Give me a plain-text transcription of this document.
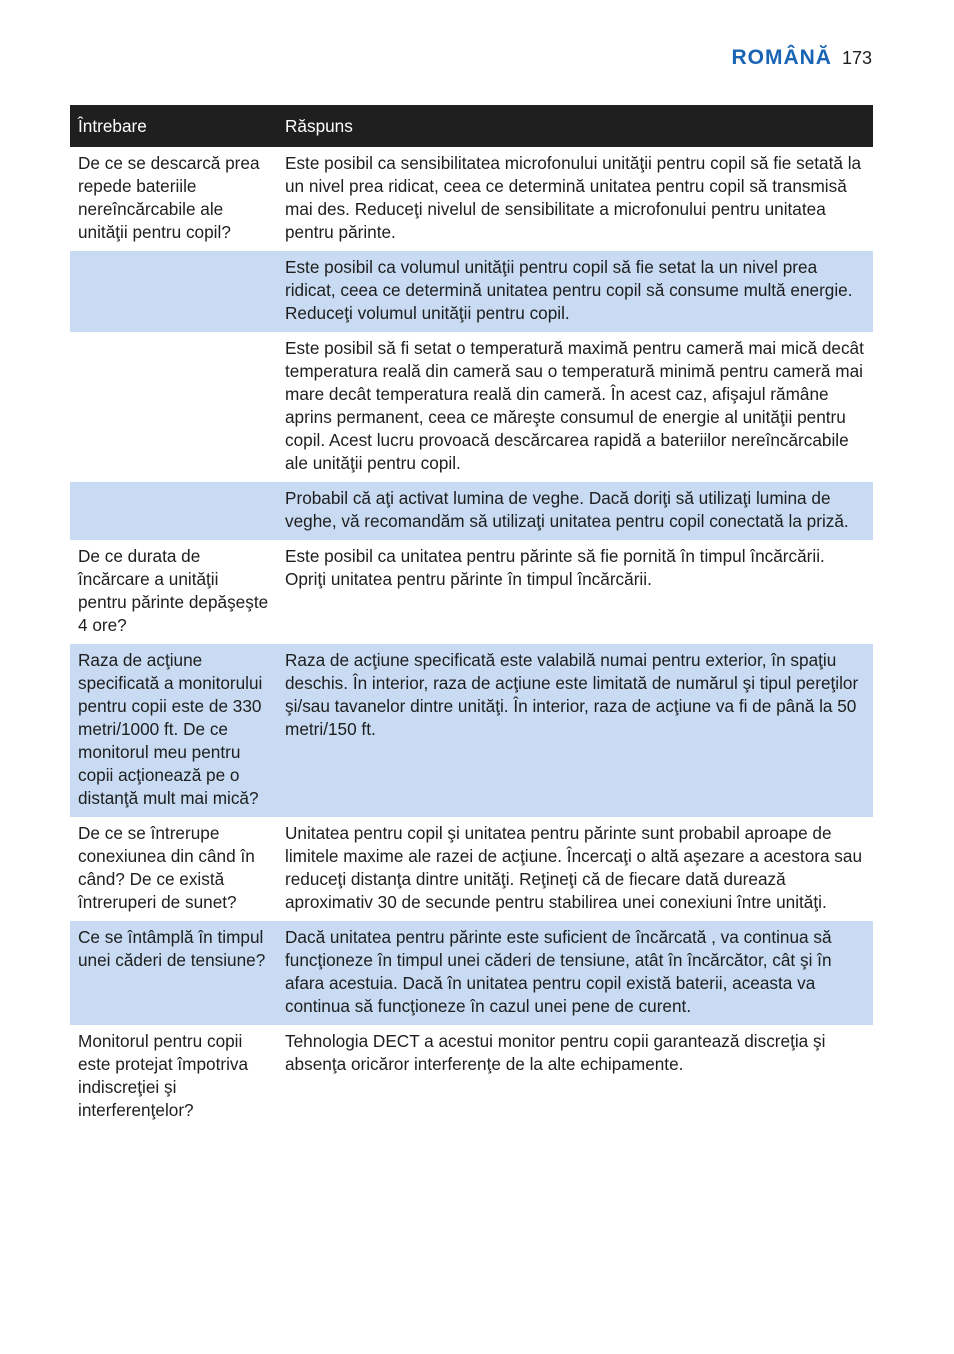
ROMÂNĂ 173
Întrebare	Răspuns
De ce se descarcă prea repede bateriile nereîncărcabile ale unităţii pentru copil?	Este posibil ca sensibilitatea microfonului unităţii pentru copil să fie setată la un nivel prea ridicat, ceea ce determină unitatea pentru copil să transmisă mai des. Reduceţi nivelul de sensibilitate a microfonului pentru unitatea pentru părinte.
	Este posibil ca volumul unităţii pentru copil să fie setat la un nivel prea ridicat, ceea ce determină unitatea pentru copil să consume multă energie. Reduceţi volumul unităţii pentru copil.
	Este posibil să fi setat o temperatură maximă pentru cameră mai mică decât temperatura reală din cameră sau o temperatură minimă pentru cameră mai mare decât temperatura reală din cameră. În acest caz, afişajul rămâne aprins permanent, ceea ce măreşte consumul de energie al unităţii pentru copil. Acest lucru provoacă descărcarea rapidă a bateriilor nereîncărcabile ale unităţii pentru copil.
	Probabil că aţi activat lumina de veghe. Dacă doriţi să utilizaţi lumina de veghe, vă recomandăm să utilizaţi unitatea pentru copil conectată la priză.
De ce durata de încărcare a unităţii pentru părinte depăşeşte 4 ore?	Este posibil ca unitatea pentru părinte să fie pornită în timpul încărcării. Opriţi unitatea pentru părinte în timpul încărcării.
Raza de acţiune specificată a monitorului pentru copii este de 330 metri/1000 ft. De ce monitorul meu pentru copii acţionează pe o distanţă mult mai mică?	Raza de acţiune specificată este valabilă numai pentru exterior, în spaţiu deschis. În interior, raza de acţiune este limitată de numărul şi tipul pereţilor şi/sau tavanelor dintre unităţi. În interior, raza de acţiune va fi de până la 50 metri/150 ft.
De ce se întrerupe conexiunea din când în când? De ce există întreruperi de sunet?	Unitatea pentru copil şi unitatea pentru părinte sunt probabil aproape de limitele maxime ale razei de acţiune. Încercaţi o altă aşezare a acestora sau reduceţi distanţa dintre unităţi. Reţineţi că de fiecare dată durează aproximativ 30 de secunde pentru stabilirea unei conexiuni între unităţi.
Ce se întâmplă în timpul unei căderi de tensiune?	Dacă unitatea pentru părinte este suficient de încărcată , va continua să funcţioneze în timpul unei căderi de tensiune, atât în încărcător, cât şi în afara acestuia. Dacă în unitatea pentru copil există baterii, aceasta va continua să funcţioneze în cazul unei pene de curent.
Monitorul pentru copii este protejat împotriva indiscreţiei şi interferenţelor?	Tehnologia DECT a acestui monitor pentru copii garantează discreţia şi absenţa oricăror interferenţe de la alte echipamente.
